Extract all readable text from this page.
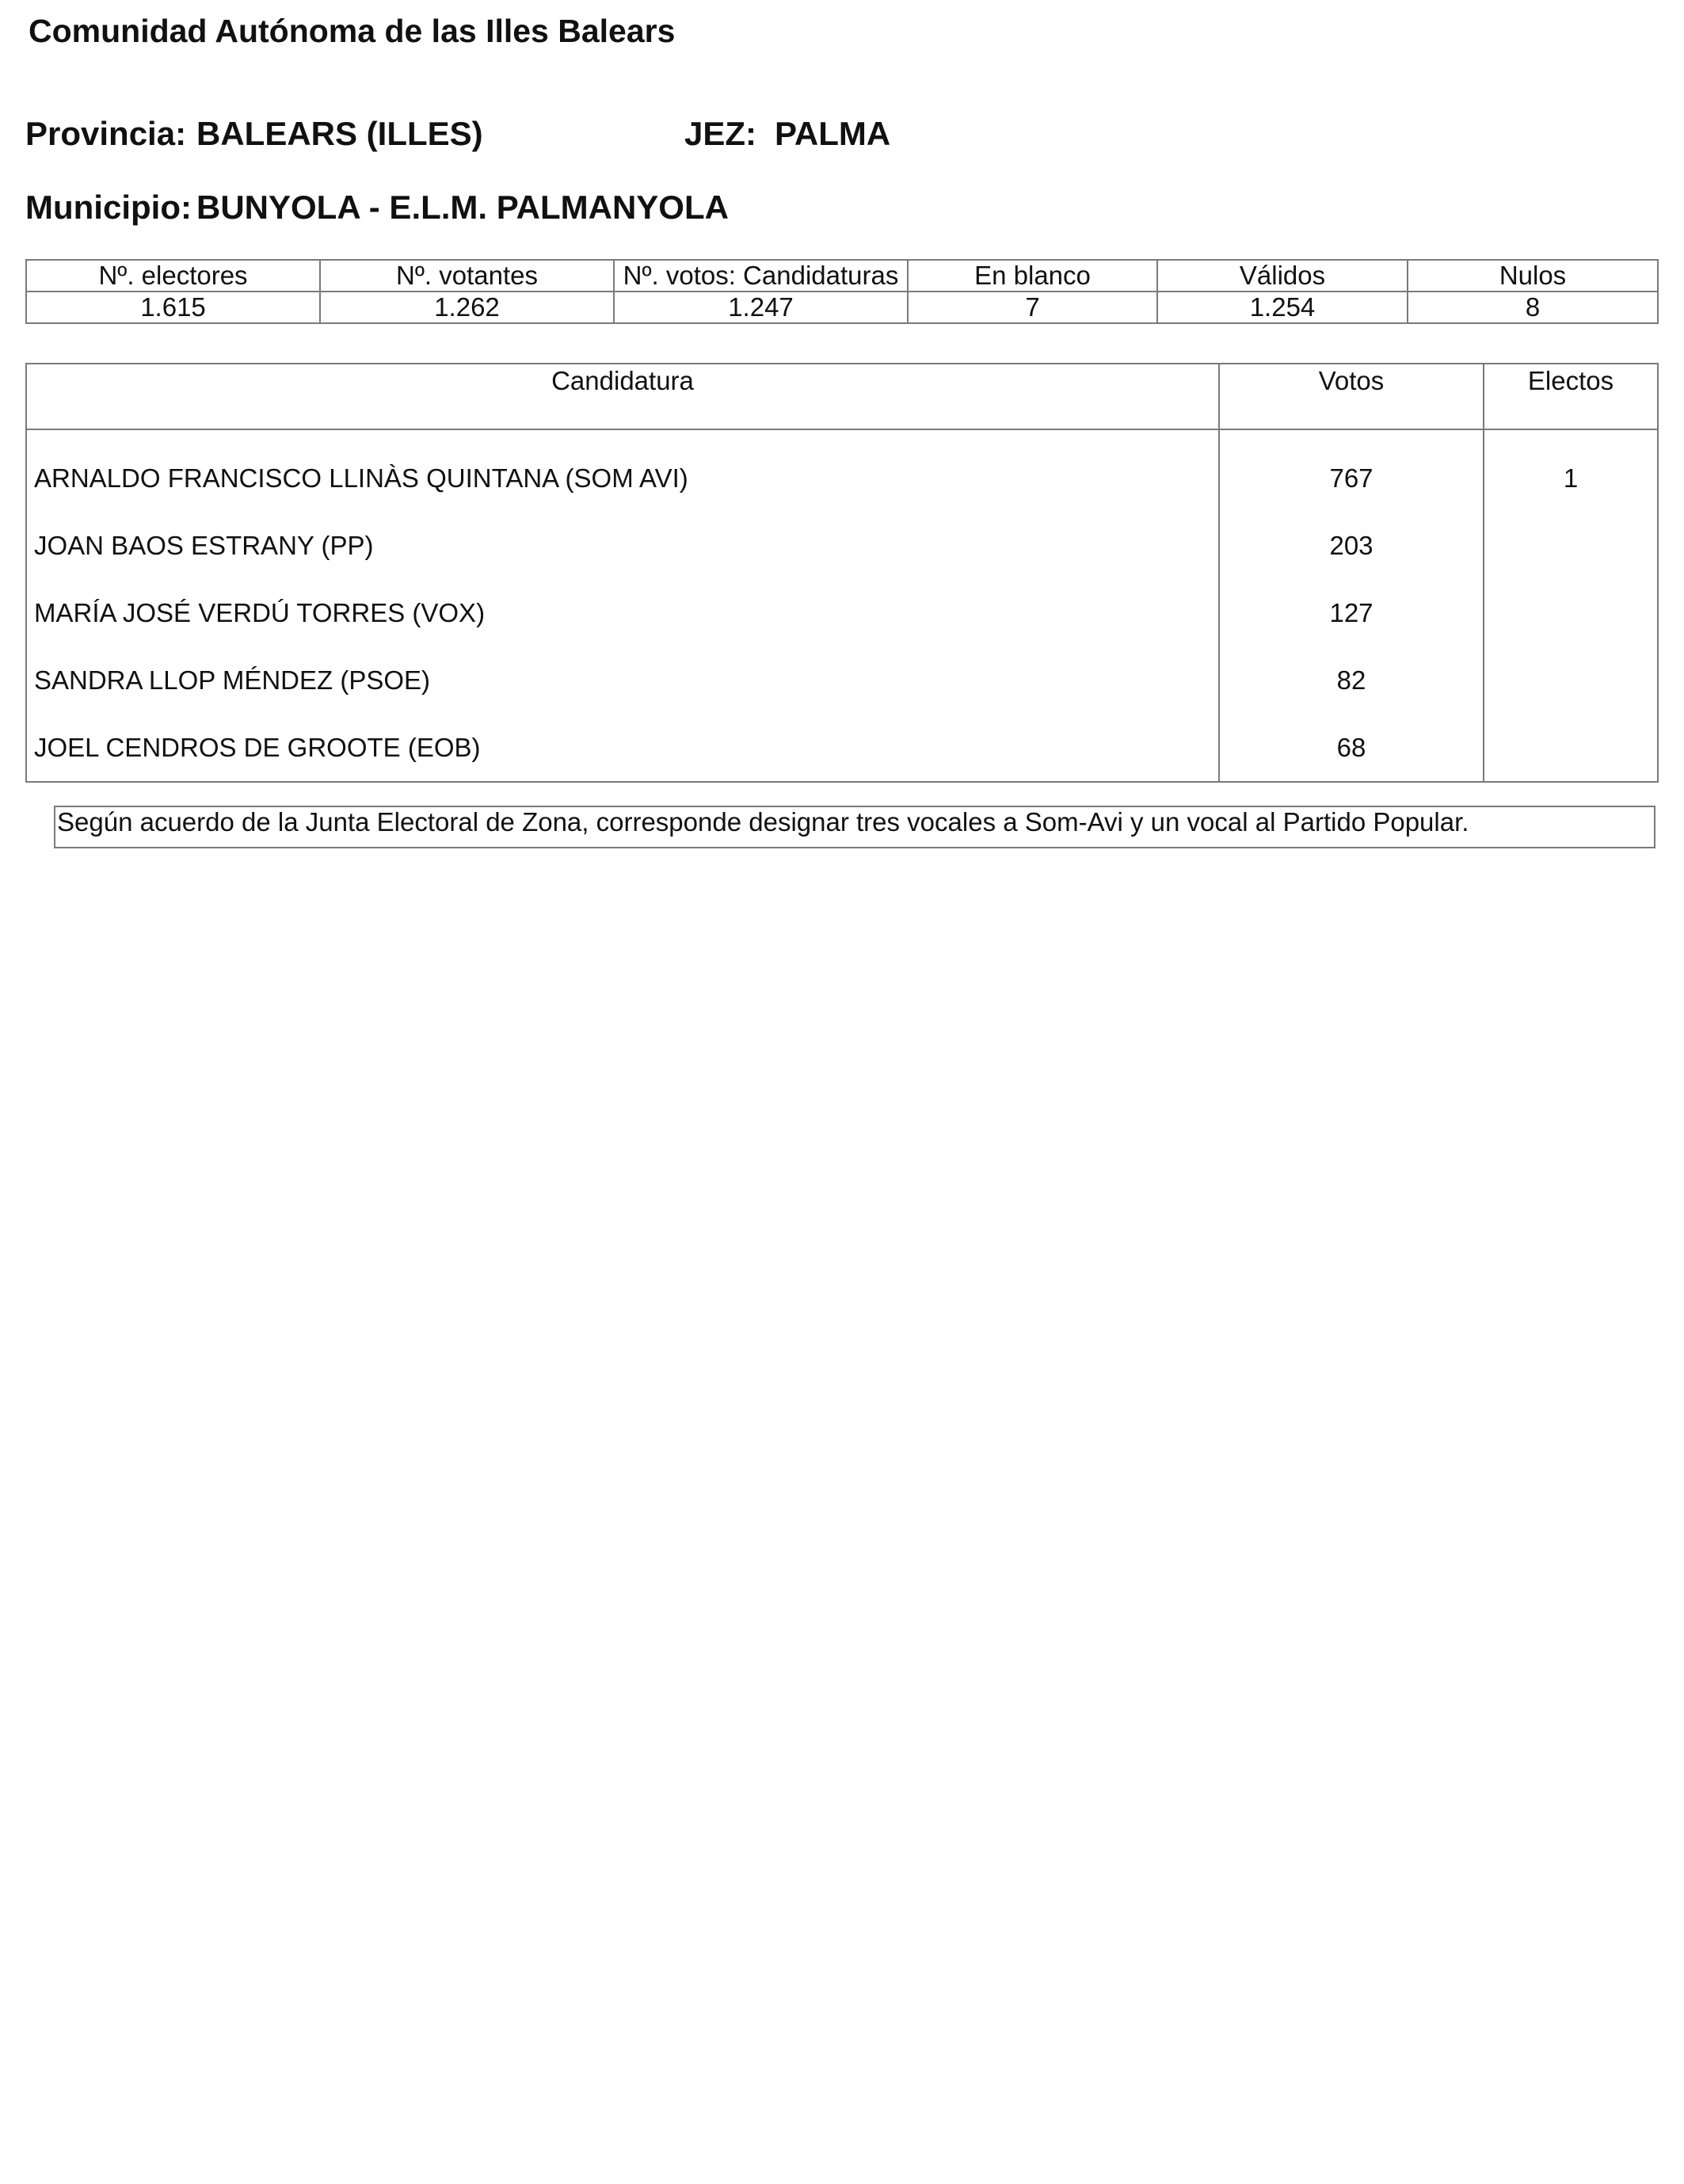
Comunidad Autónoma de las Illes Balears
Provincia: BALEARS (ILLES)	JEZ: PALMA
Municipio: BUNYOLA - E.L.M. PALMANYOLA
Nº. electores	Nº. votantes	Nº. votos: Candidaturas	En blanco	Válidos	Nulos
1.615	1.262	1.247	7	1.254	8
Candidatura	Votos	Electos
ARNALDO FRANCISCO LLINÀS QUINTANA (SOM AVI)	767	1
JOAN BAOS ESTRANY (PP)	203	
MARÍA JOSÉ VERDÚ TORRES (VOX)	127	
SANDRA LLOP MÉNDEZ (PSOE)	82	
JOEL CENDROS DE GROOTE (EOB)	68	
Según acuerdo de la Junta Electoral de Zona, corresponde designar tres vocales a Som-Avi y un vocal al Partido Popular.
